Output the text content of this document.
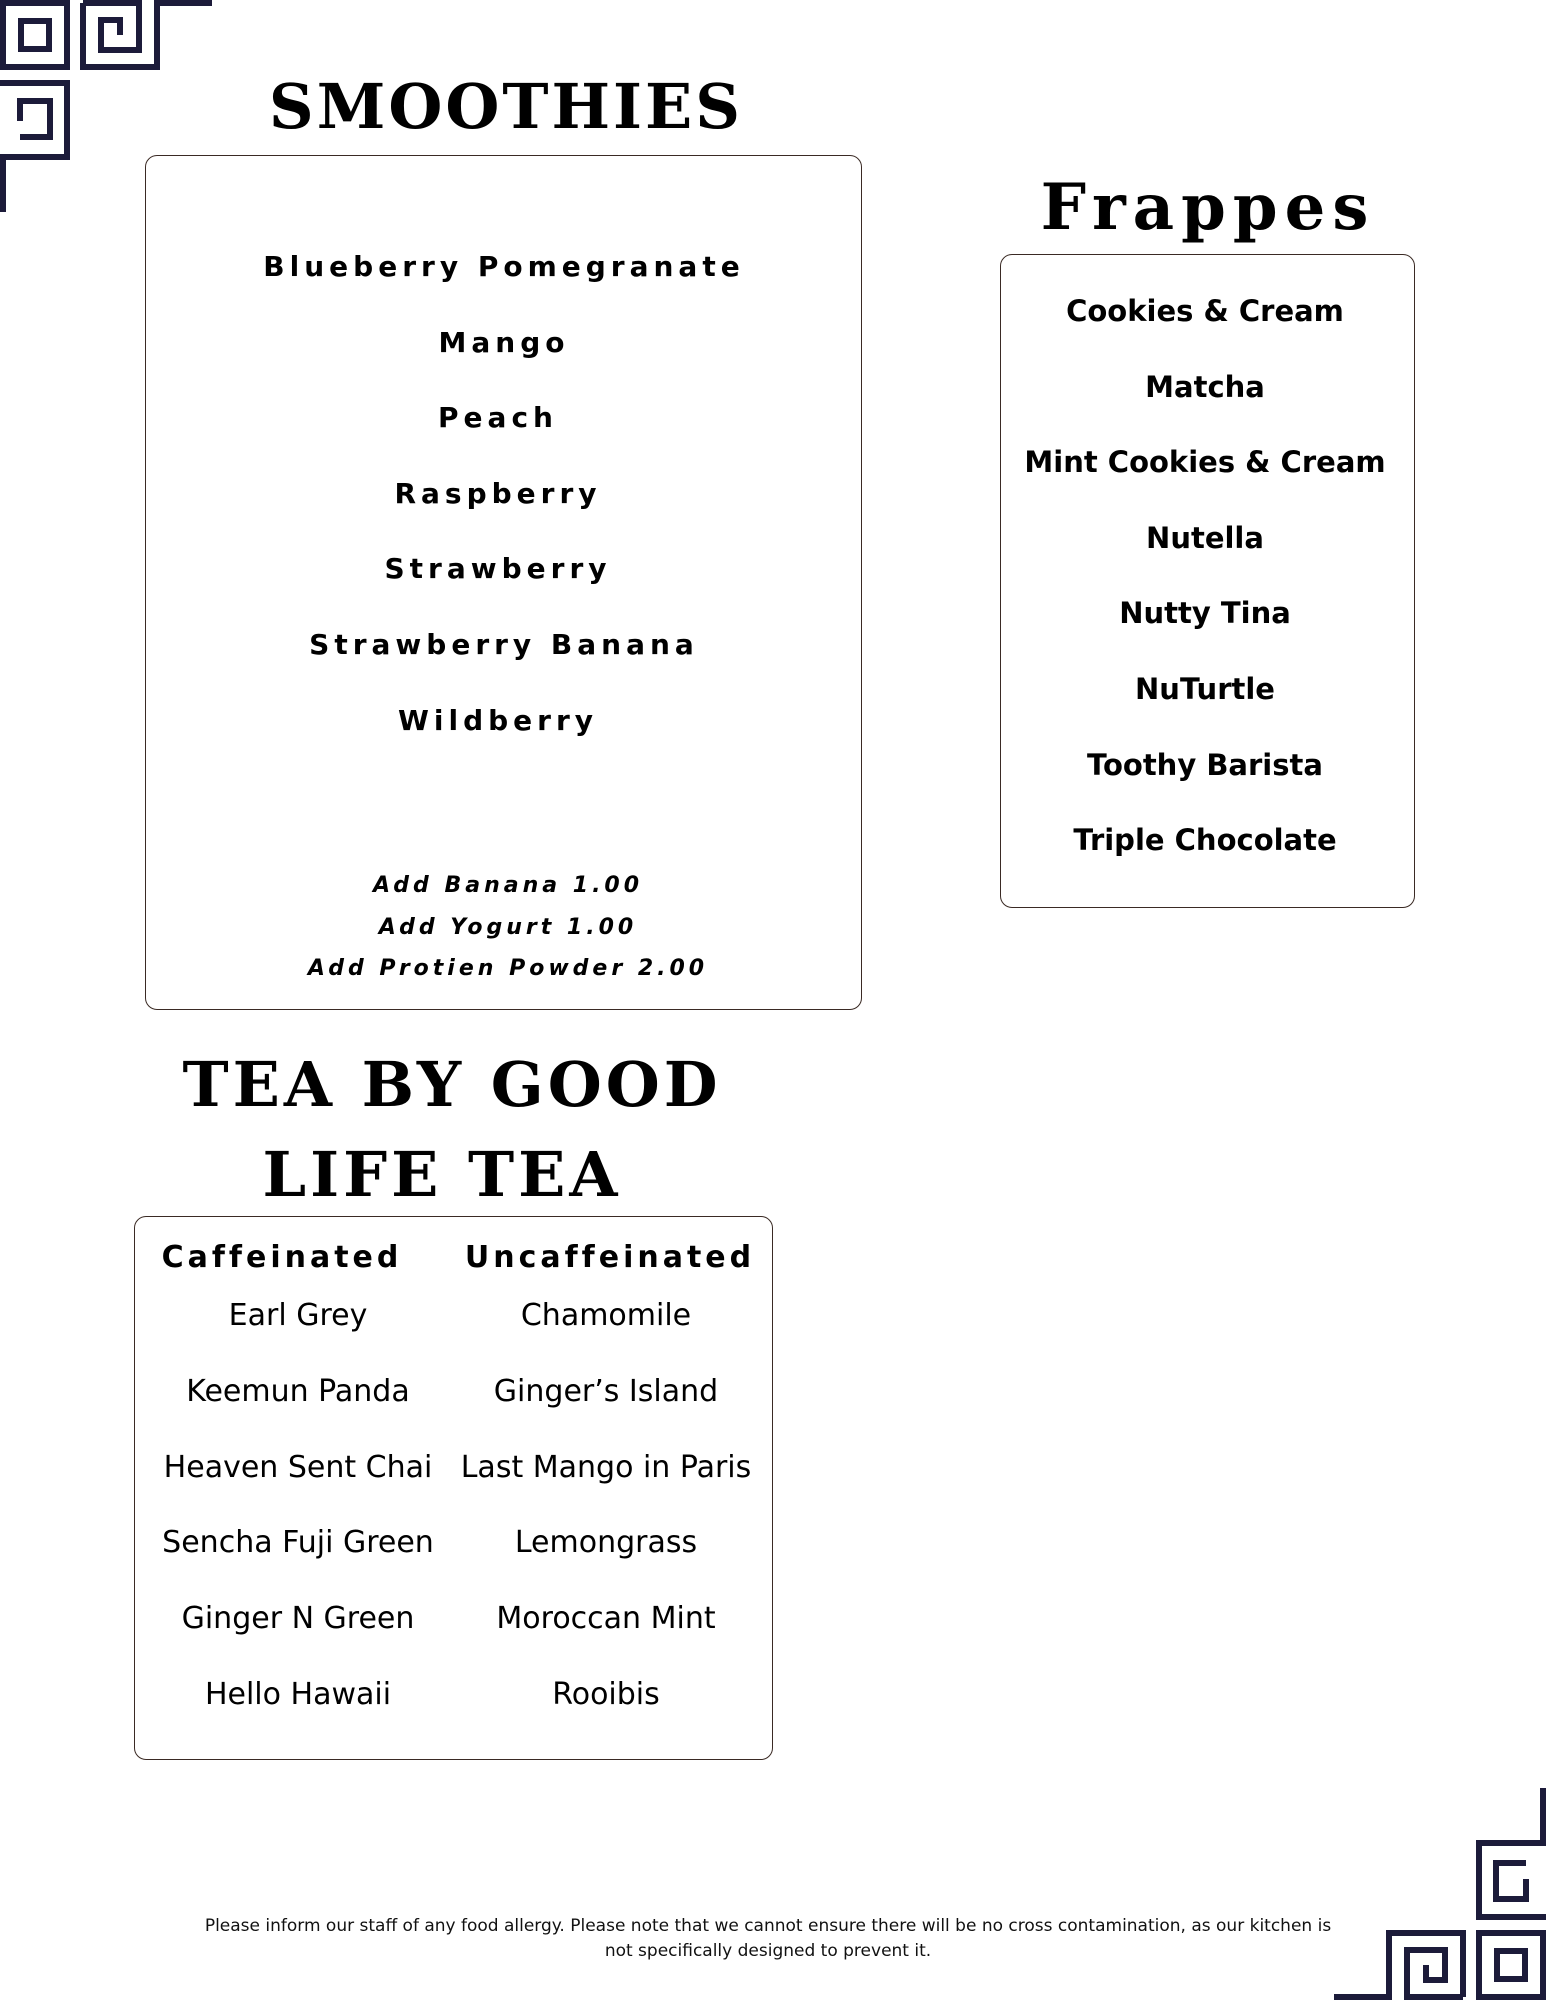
SMOOTHIES
Blueberry Pomegranate
Mango
Peach
Raspberry
Strawberry
Strawberry Banana
Wildberry
Add Banana 1.00
Add Yogurt 1.00
Add Protien Powder 2.00
Frappes
Cookies & Cream
Matcha
Mint Cookies & Cream
Nutella
Nutty Tina
NuTurtle
Toothy Barista
Triple Chocolate
TEA BY GOOD
LIFE TEA
Caffeinated Uncaffeinated
Earl Grey
Keemun Panda
Heaven Sent Chai
Sencha Fuji Green
Ginger N Green
Hello Hawaii
Chamomile
Ginger’s Island
Last Mango in Paris
Lemongrass
Moroccan Mint
Rooibis
Please inform our staff of any food allergy. Please note that we cannot ensure there will be no cross contamination, as our kitchen is
not specifically designed to prevent it.
